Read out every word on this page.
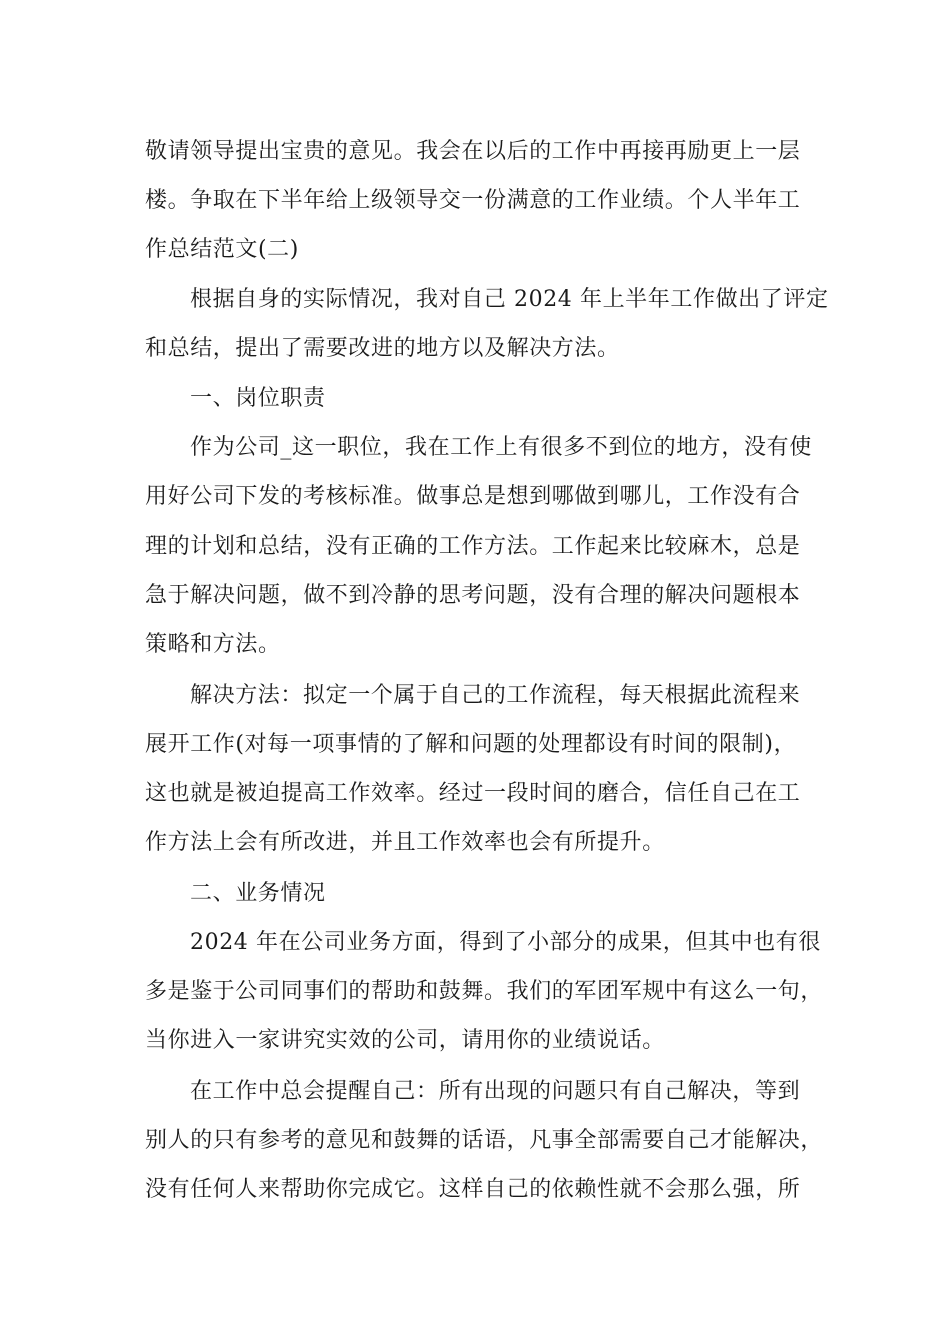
敬请领导提出宝贵的意见。我会在以后的工作中再接再励更上一层
楼。争取在下半年给上级领导交一份满意的工作业绩。个人半年工
作总结范文(二)
根据自身的实际情况，我对自己 2024 年上半年工作做出了评定
和总结，提出了需要改进的地方以及解决方法。
一、岗位职责
作为公司_这一职位，我在工作上有很多不到位的地方，没有使
用好公司下发的考核标准。做事总是想到哪做到哪儿，工作没有合
理的计划和总结，没有正确的工作方法。工作起来比较麻木，总是
急于解决问题，做不到冷静的思考问题，没有合理的解决问题根本
策略和方法。
解决方法：拟定一个属于自己的工作流程，每天根据此流程来
展开工作(对每一项事情的了解和问题的处理都设有时间的限制)，
这也就是被迫提高工作效率。经过一段时间的磨合，信任自己在工
作方法上会有所改进，并且工作效率也会有所提升。
二、业务情况
2024 年在公司业务方面，得到了小部分的成果，但其中也有很
多是鉴于公司同事们的帮助和鼓舞。我们的军团军规中有这么一句，
当你进入一家讲究实效的公司，请用你的业绩说话。
在工作中总会提醒自己：所有出现的问题只有自己解决，等到
别人的只有参考的意见和鼓舞的话语，凡事全部需要自己才能解决，
没有任何人来帮助你完成它。这样自己的依赖性就不会那么强，所
